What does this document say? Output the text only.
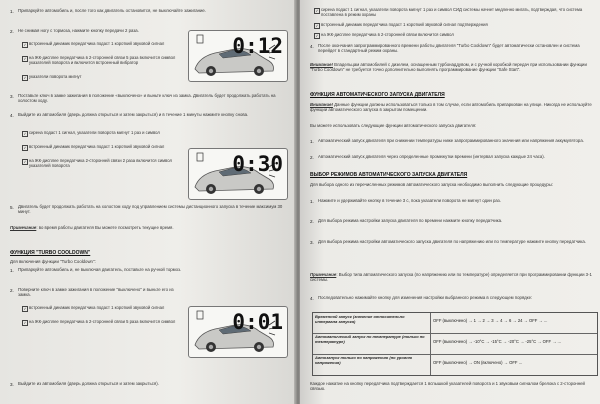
1. Припаркуйте автомобиль и, после того как двигатель остановится, не выключайте зажигание.
2. Не снимая ногу с тормоза, нажмите кнопку передачи 2 раза.
✓ встроенный динамик передатчика подаст 1 короткий звуковой сигнал
✓ на ЖК-дисплее передатчика в 2-сторонней связи 5 раза включится символ указателей поворота и включится встроенный вибратор
✓ указатели поворота мигнут
0:12
3. Поставьте ключ в замке зажигания в положение «выключено» и выньте ключ из замка. Двигатель будет продолжать работать на холостом ходу.
4. Выйдите из автомобиля (дверь должна открыться и затем закрыться) и в течение 1 минуты нажмите кнопку снова.
✓ сирена подаст 1 сигнал, указатели поворота мигнут 1 раз и символ
✓ встроенный динамик передатчика подаст 1 короткий звуковой сигнал
✓ на ЖК-дисплее передатчика 2-сторонней связи 2 раза включится символ указателей поворота	0:30
5. Двигатель будет продолжать работать на холостом ходу под управлением системы дистанционного запуска в течение максимум 30 минут.
Примечание: во время работы двигателя Вы можете посмотреть текущее время.
ФУНКЦИЯ "TURBO COOLDOWN"
Для включения функции "Turbo Cooldown":
1. Припаркуйте автомобиль и, не выключая двигатель, поставьте на ручной тормоз.
2. Поверните ключ в замке зажигания в положение "выключено" и выньте его из замка.
✓ встроенный динамик передатчика подаст 1 короткий звуковой сигнал
✓ на ЖК-дисплее передатчика в 2-сторонней связи 5 раза включится символ	0:01
3. Выйдите из автомобиля (дверь должна открыться и затем закрыться).
✓ сирена подаст 1 сигнал, указатели поворота мигнут 1 раз и символ СИД системы начнет медленно мигать, подтверждая, что система поставлена в режим охраны
✓ встроенный динамик передатчика подаст 1 короткий звуковой сигнал подтверждения
✓ на ЖК-дисплее передатчика в 2-сторонней связи включится символ
4. После окончания запрограммированного времени работы двигателя "Turbo Cooldown" будет автоматически остановлен и система перейдет в стандартный режим охраны.
Внимание! Владельцам автомобилей с дизелем, оснащенным турбонаддувом, и с ручной коробкой передач при использовании функции "Turbo Cooldown" не требуется точно дополнительно выполнять программирование функции "Safe Start".
ФУНКЦИЯ АВТОМАТИЧЕСКОГО ЗАПУСКА ДВИГАТЕЛЯ
Внимание! Данные функции должны использоваться только в том случае, если автомобиль припаркован на улице. Никогда не используйте функции автоматического запуска в закрытом помещении.
Вы можете использовать следующие функции автоматического запуска двигателя:
1. Автоматический запуск двигателя при снижении температуры ниже запрограммированного значения или напряжения аккумулятора.
2. Автоматический запуск двигателя через определенные промежутки времени (интервал запуска каждые 24 часа).
ВЫБОР РЕЖИМОВ АВТОМАТИЧЕСКОГО ЗАПУСКА ДВИГАТЕЛЯ
Для выбора одного из перечисленных режимов автоматического запуска необходимо выполнить следующие процедуры:
1. Нажмите и удерживайте кнопку в течение 3 с, пока указатели поворота не мигнут один раз.
2. Для выбора режима настройки запуска двигателя по времени нажмите кнопку передатчика.
3. Для выбора режима настройки автоматического запуска двигателя по напряжению или по температуре нажмите кнопку передатчика.
Примечание: Выбор типа автоматического запуска (по напряжению или по температуре) определяется при программировании функции 3-1 системы.
4. Последовательно нажимайте кнопку для изменения настройки выбранного режима в следующем порядке:
Временной запуск (значение относительно интервала запуска)	OFF (выключено) → 1 → 2 → 3 → 4 → 6 → 24 → OFF → ...
Автоматический запуск по температуре (только по температуре)	OFF (выключено) → -10°C → -15°C → -20°C → -25°C → OFF → ...
Автозапуск только по напряжению (по уровню напряжения)	OFF (выключено) → ON (включено) → OFF ...
Каждое нажатие на кнопку передатчика подтверждается 1 вспышкой указателей поворота и 1 звуковым сигналом брелока с 2-сторонней связью.
